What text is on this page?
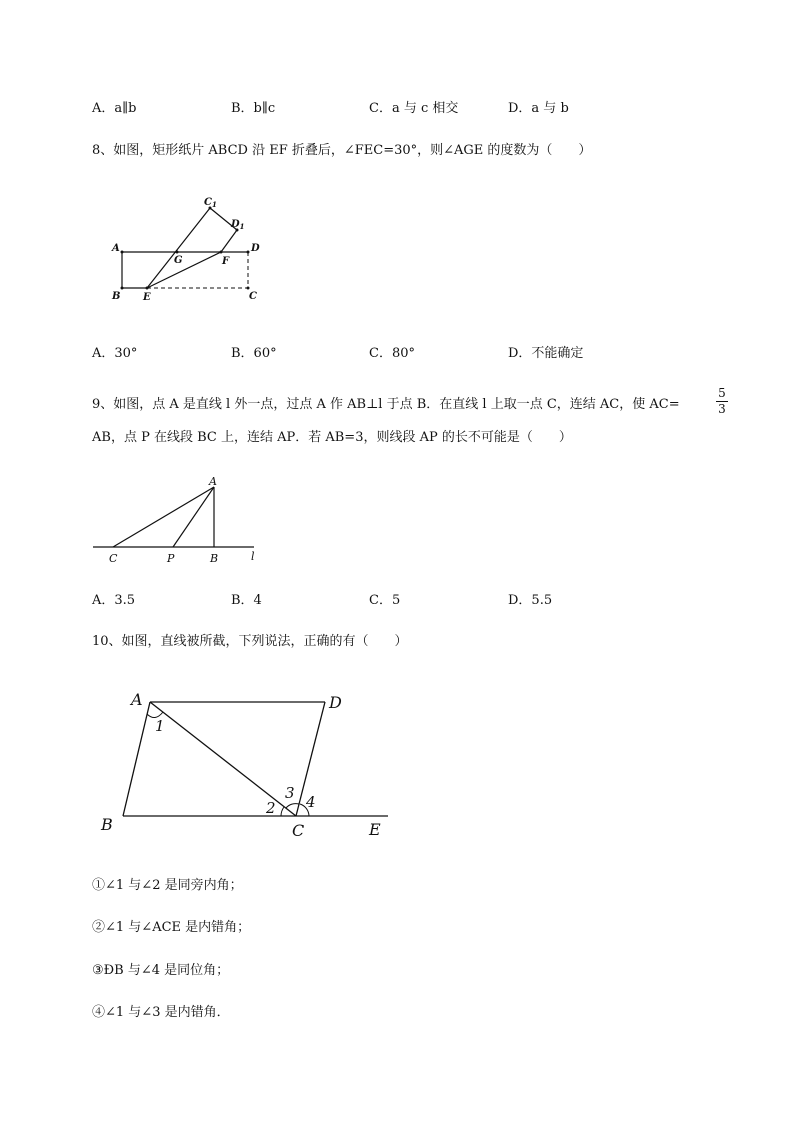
A．a∥b	B．b∥c	C．a 与 c 相交	D．a 与 b
8、如图，矩形纸片 ABCD 沿 EF 折叠后，∠FEC=30°，则∠AGE 的度数为（　　）
$C_1$
$D_1$
A	D
G	F
B E	C
A．30°	B．60°	C．80°	D．不能确定
9、如图，点 A 是直线 l 外一点，过点 A 作 AB⊥l 于点 B．在直线 l 上取一点 C，连结 AC，使 AC=
5
3
AB，点 P 在线段 BC 上，连结 AP．若 AB=3，则线段 AP 的长不可能是（　　）
A
C	P	B	l
A．3.5	B．4	C．5	D．5.5
10、如图，直线被所截，下列说法，正确的有（　　）
A	D
B	C	E
1
2
3 4
①∠1 与∠2 是同旁内角；
②∠1 与∠ACE 是内错角；
③ÐB 与∠4 是同位角；
④∠1 与∠3 是内错角．
